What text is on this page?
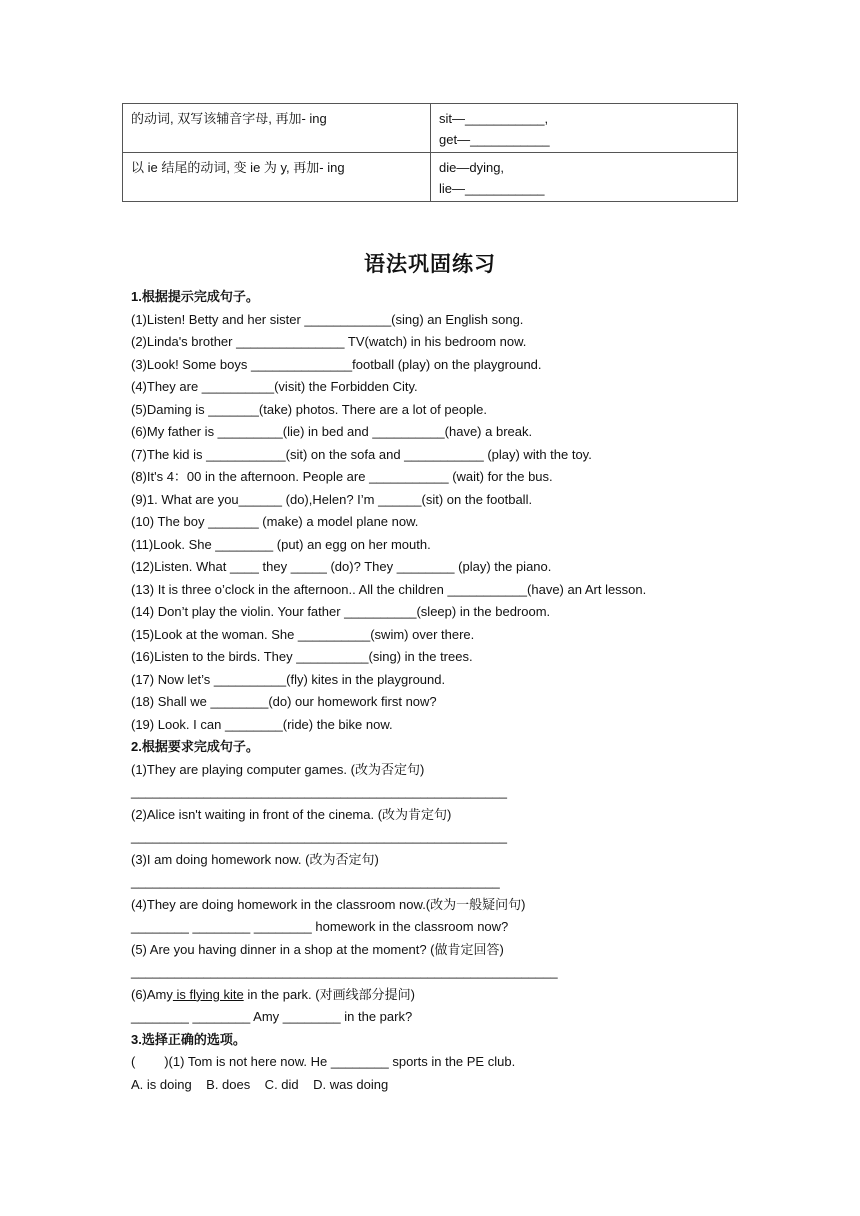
的动词, 双写该辅音字母, 再加- ing	sit—___________,
get—___________

以 ie 结尾的动词, 变 ie 为 y, 再加- ing	die—dying,
lie—___________
语法巩固练习
1.根据提示完成句子。
(1)Listen! Betty and her sister ____________(sing) an English song.
(2)Linda's brother _______________ TV(watch) in his bedroom now.
(3)Look! Some boys ______________football (play) on the playground.
(4)They are __________(visit) the Forbidden City.
(5)Daming is _______(take) photos. There are a lot of people.
(6)My father is _________(lie) in bed and __________(have) a break.
(7)The kid is ___________(sit) on the sofa and ___________ (play) with the toy.
(8)It's 4：00 in the afternoon. People are ___________ (wait) for the bus.
(9)1. What are you______ (do),Helen? I’m ______(sit) on the football.
(10) The boy _______ (make) a model plane now.
(11)Look. She ________ (put) an egg on her mouth.
(12)Listen. What ____ they _____ (do)? They ________ (play) the piano.
(13) It is three o’clock in the afternoon.. All the children ___________(have) an Art lesson.
(14) Don’t play the violin. Your father __________(sleep) in the bedroom.
(15)Look at the woman. She __________(swim) over there.
(16)Listen to the birds. They __________(sing) in the trees.
(17) Now let’s __________(fly) kites in the playground.
(18) Shall we ________(do) our homework first now?
(19) Look. I can ________(ride) the bike now.
2.根据要求完成句子。
(1)They are playing computer games. (改为否定句)
____________________________________________________
(2)Alice isn't waiting in front of the cinema. (改为肯定句)
____________________________________________________
(3)I am doing homework now. (改为否定句)
___________________________________________________
(4)They are doing homework in the classroom now.(改为一般疑问句)
________ ________ ________ homework in the classroom now?
(5) Are you having dinner in a shop at the moment? (做肯定回答)
___________________________________________________________
(6)Amy is flying kite in the park. (对画线部分提问)
________ ________ Amy ________ in the park?
3.选择正确的选项。
(        )(1) Tom is not here now. He ________ sports in the PE club.
A. is doing    B. does    C. did    D. was doing
